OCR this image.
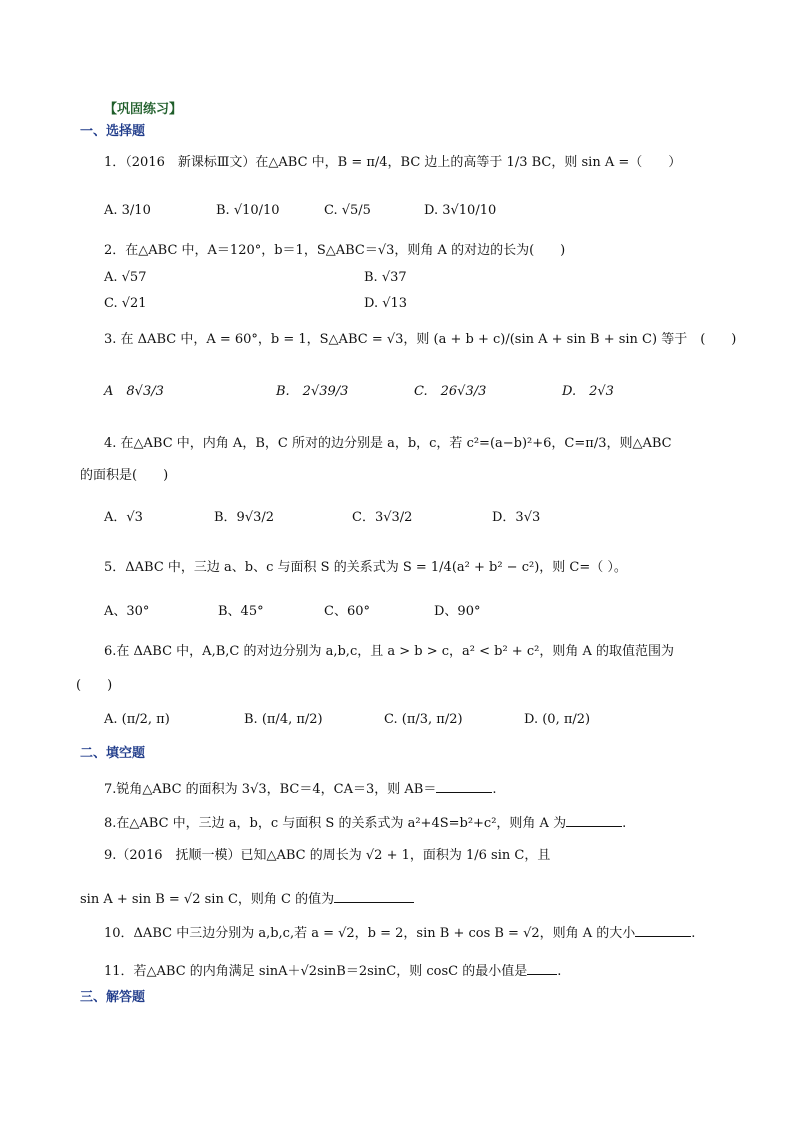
【巩固练习】
一、选择题
1．（2016　新课标Ⅲ文）在△ABC 中，B = π/4，BC 边上的高等于 1/3 BC，则 sin A =（　　）
A. 3/10	B. √10/10	C. √5/5	D. 3√10/10
2．在△ABC 中，A＝120°，b＝1，S△ABC＝√3，则角 A 的对边的长为(　　)
A. √57	B. √37
C. √21	D. √13
3. 在 ΔABC 中，A = 60°，b = 1，S△ABC = √3，则 (a + b + c)/(sin A + sin B + sin C) 等于　(　　)
A　8√3/3	B.　2√39/3	C.　26√3/3	D.　2√3
4. 在△ABC 中，内角 A，B，C 所对的边分别是 a，b，c，若 c²=(a−b)²+6，C=π/3，则△ABC
的面积是(　　)
A．√3	B．9√3/2	C．3√3/2	D．3√3
5．ΔABC 中，三边 a、b、c 与面积 S 的关系式为 S = 1/4(a² + b² − c²)，则 C=（ ）。
A、30°	B、45°	C、60°	D、90°
6.在 ΔABC 中，A,B,C 的对边分别为 a,b,c，且 a > b > c，a² < b² + c²，则角 A 的取值范围为
(　　)
A. (π/2, π)	B. (π/4, π/2)	C. (π/3, π/2)	D. (0, π/2)
二、填空题
7.锐角△ABC 的面积为 3√3，BC＝4，CA＝3，则 AB＝	.
8.在△ABC 中，三边 a，b，c 与面积 S 的关系式为 a²+4S=b²+c²，则角 A 为	.
9.（2016　抚顺一模）已知△ABC 的周长为 √2 + 1，面积为 1/6 sin C，且
sin A + sin B = √2 sin C，则角 C 的值为
10．ΔABC 中三边分别为 a,b,c,若 a = √2，b = 2，sin B + cos B = √2，则角 A 的大小	.
11．若△ABC 的内角满足 sinA＋√2sinB＝2sinC，则 cosC 的最小值是 .
三、解答题
